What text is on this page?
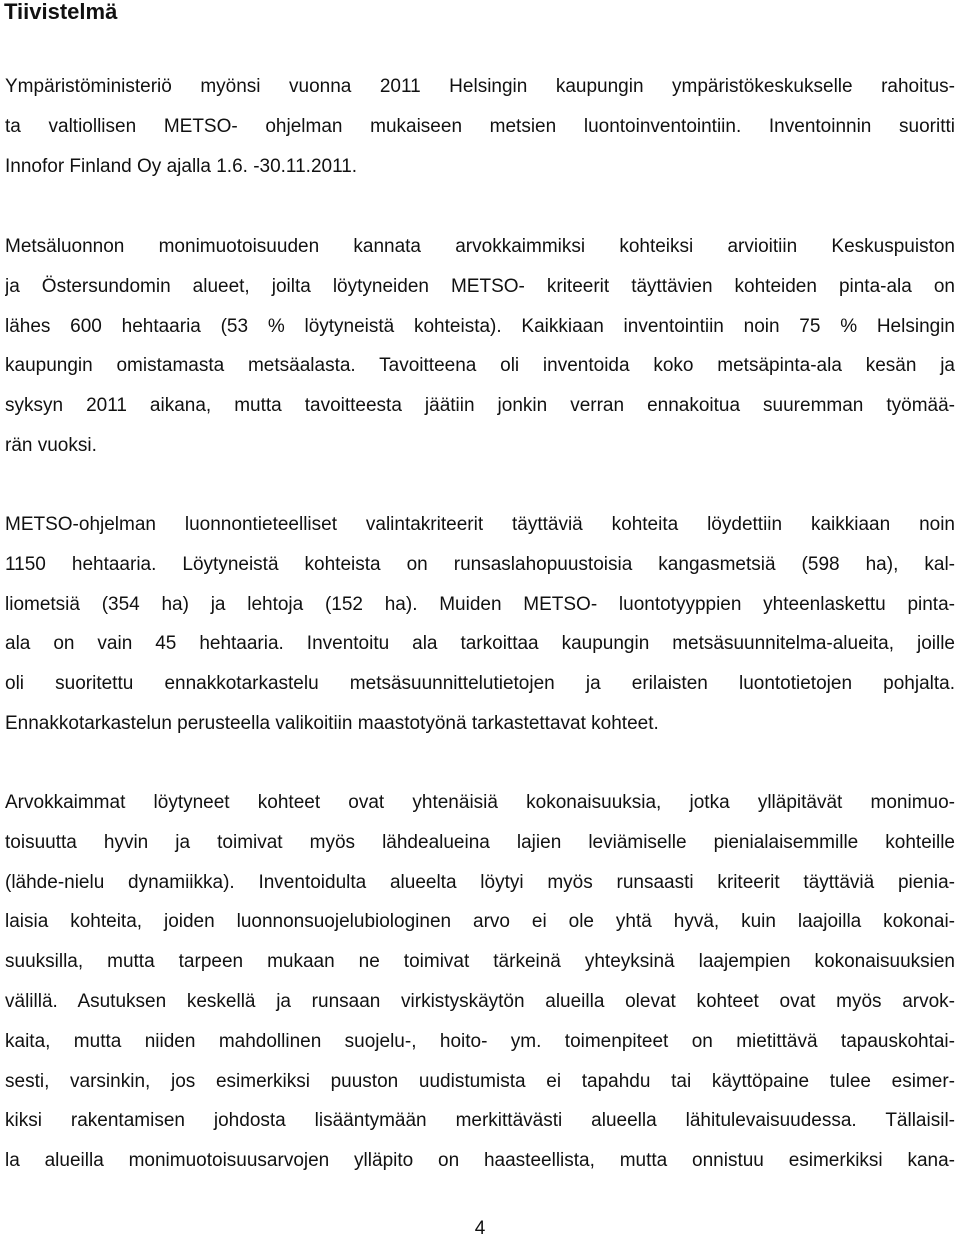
Tiivistelmä
Ympäristöministeriö myönsi vuonna 2011 Helsingin kaupungin ympäristökeskukselle rahoitus-
ta valtiollisen METSO- ohjelman mukaiseen metsien luontoinventointiin. Inventoinnin suoritti
Innofor Finland Oy ajalla 1.6. -30.11.2011.
Metsäluonnon monimuotoisuuden kannata arvokkaimmiksi kohteiksi arvioitiin Keskuspuiston
ja Östersundomin alueet, joilta löytyneiden METSO- kriteerit täyttävien kohteiden pinta-ala on
lähes 600 hehtaaria (53 % löytyneistä kohteista). Kaikkiaan inventointiin noin 75 % Helsingin
kaupungin omistamasta metsäalasta. Tavoitteena oli inventoida koko metsäpinta-ala kesän ja
syksyn 2011 aikana, mutta tavoitteesta jäätiin jonkin verran ennakoitua suuremman työmää-
rän vuoksi.
METSO-ohjelman luonnontieteelliset valintakriteerit täyttäviä kohteita löydettiin kaikkiaan noin
1150 hehtaaria. Löytyneistä kohteista on runsaslahopuustoisia kangasmetsiä (598 ha), kal-
liometsiä (354 ha) ja lehtoja (152 ha). Muiden METSO- luontotyyppien yhteenlaskettu pinta-
ala on vain 45 hehtaaria. Inventoitu ala tarkoittaa kaupungin metsäsuunnitelma-alueita, joille
oli suoritettu ennakkotarkastelu metsäsuunnittelutietojen ja erilaisten luontotietojen pohjalta.
Ennakkotarkastelun perusteella valikoitiin maastotyönä tarkastettavat kohteet.
Arvokkaimmat löytyneet kohteet ovat yhtenäisiä kokonaisuuksia, jotka ylläpitävät monimuo-
toisuutta hyvin ja toimivat myös lähdealueina lajien leviämiselle pienialaisemmille kohteille
(lähde-nielu dynamiikka). Inventoidulta alueelta löytyi myös runsaasti kriteerit täyttäviä pienia-
laisia kohteita, joiden luonnonsuojelubiologinen arvo ei ole yhtä hyvä, kuin laajoilla kokonai-
suuksilla, mutta tarpeen mukaan ne toimivat tärkeinä yhteyksinä laajempien kokonaisuuksien
välillä. Asutuksen keskellä ja runsaan virkistyskäytön alueilla olevat kohteet ovat myös arvok-
kaita, mutta niiden mahdollinen suojelu-, hoito- ym. toimenpiteet on mietittävä tapauskohtai-
sesti, varsinkin, jos esimerkiksi puuston uudistumista ei tapahdu tai käyttöpaine tulee esimer-
kiksi rakentamisen johdosta lisääntymään merkittävästi alueella lähitulevaisuudessa. Tällaisil-
la alueilla monimuotoisuusarvojen ylläpito on haasteellista, mutta onnistuu esimerkiksi kana-
4
